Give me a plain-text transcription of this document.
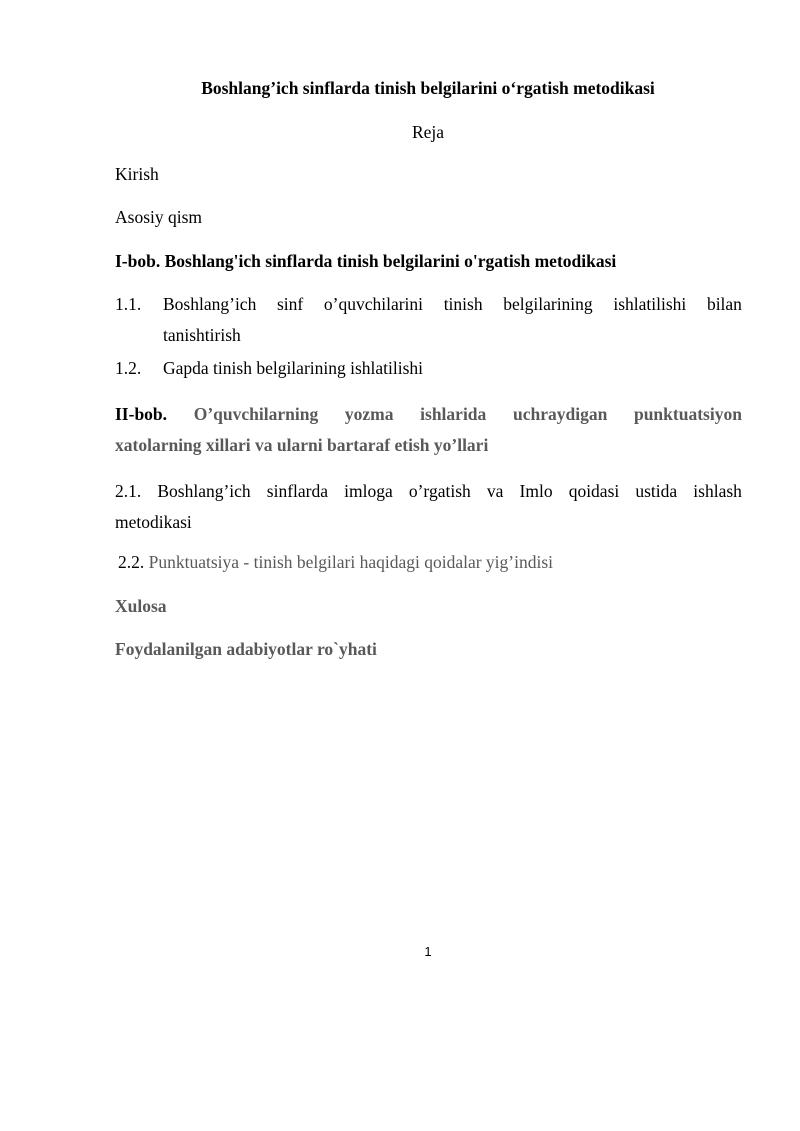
Boshlang’ich sinflarda tinish belgilarini o‘rgatish metodikasi
Reja
Kirish
Asosiy qism
I-bob. Boshlang'ich sinflarda tinish belgilarini o'rgatish metodikasi
1.1. Boshlang’ich sinf o’quvchilarini tinish belgilarining ishlatilishi bilan
tanishtirish
1.2. Gapda tinish belgilarining ishlatilishi
II-bob. O’quvchilarning yozma ishlarida uchraydigan punktuatsiyon
xatolarning xillari va ularni bartaraf etish yo’llari
2.1. Boshlang’ich sinflarda imloga o’rgatish va Imlo qoidasi ustida ishlash
metodikasi
2.2. Punktuatsiya - tinish belgilari haqidagi qoidalar yig’indisi
Xulosa
Foydalanilgan adabiyotlar ro`yhati
1
